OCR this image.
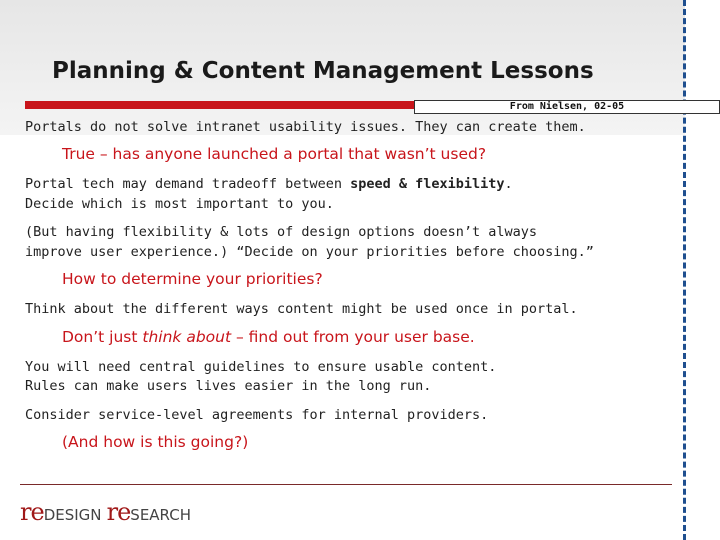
Planning & Content Management Lessons
From Nielsen, 02-05
Portals do not solve intranet usability issues. They can create them.
True – has anyone launched a portal that wasn’t used?
Portal tech may demand tradeoff between speed & flexibility.
Decide which is most important to you.
(But having flexibility & lots of design options doesn’t always
improve user experience.) “Decide on your priorities before choosing.”
How to determine your priorities?
Think about the different ways content might be used once in portal.
Don’t just think about – find out from your user base.
You will need central guidelines to ensure usable content.
Rules can make users lives easier in the long run.
Consider service-level agreements for internal providers.
(And how is this going?)
reDESIGN reSEARCH
